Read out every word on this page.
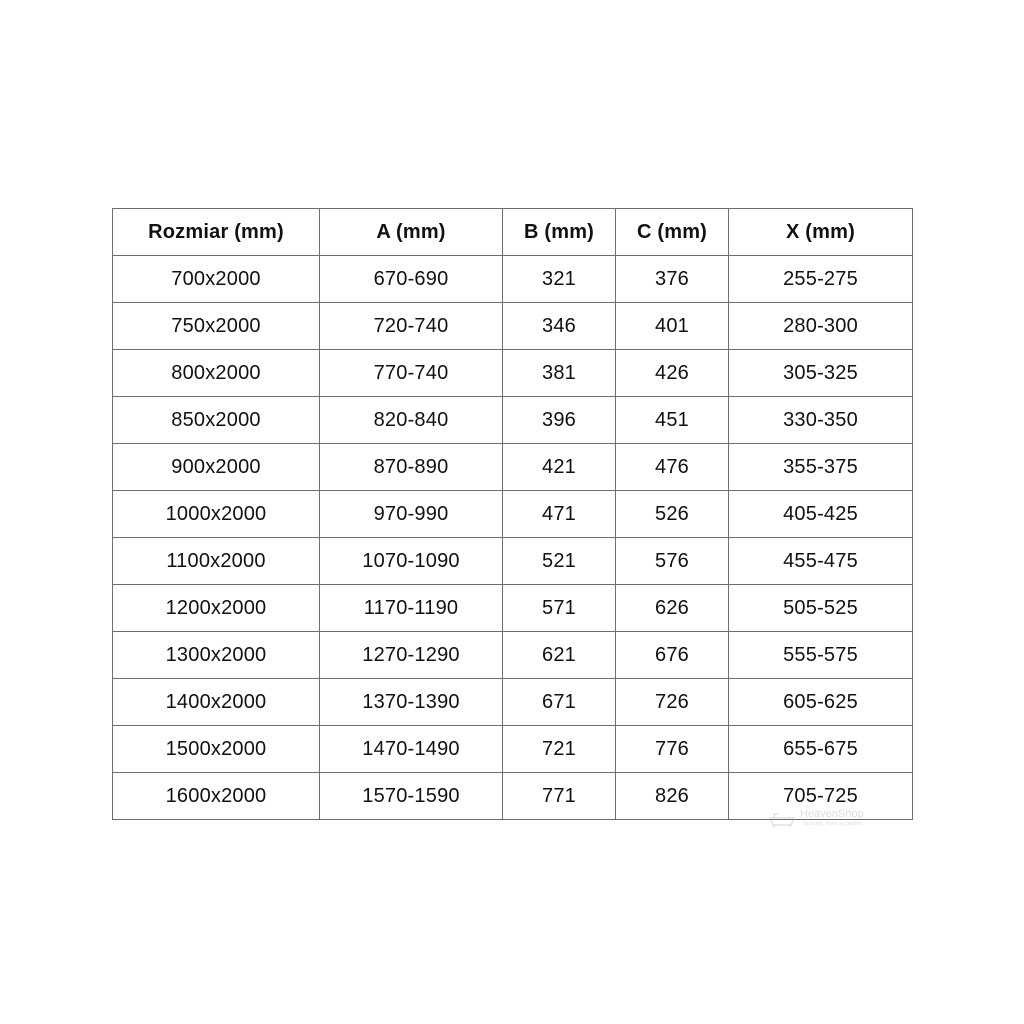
Rozmiar (mm)	A (mm)	B (mm)	C (mm)	X (mm)
700x2000	670-690	321	376	255-275
750x2000	720-740	346	401	280-300
800x2000	770-740	381	426	305-325
850x2000	820-840	396	451	330-350
900x2000	870-890	421	476	355-375
1000x2000	970-990	471	526	405-425
1100x2000	1070-1090	521	576	455-475
1200x2000	1170-1190	571	626	505-525
1300x2000	1270-1290	621	676	555-575
1400x2000	1370-1390	671	726	605-625
1500x2000	1470-1490	721	776	655-675
1600x2000	1570-1590	771	826	705-725
HeavenShop
łazienki, które są modne
